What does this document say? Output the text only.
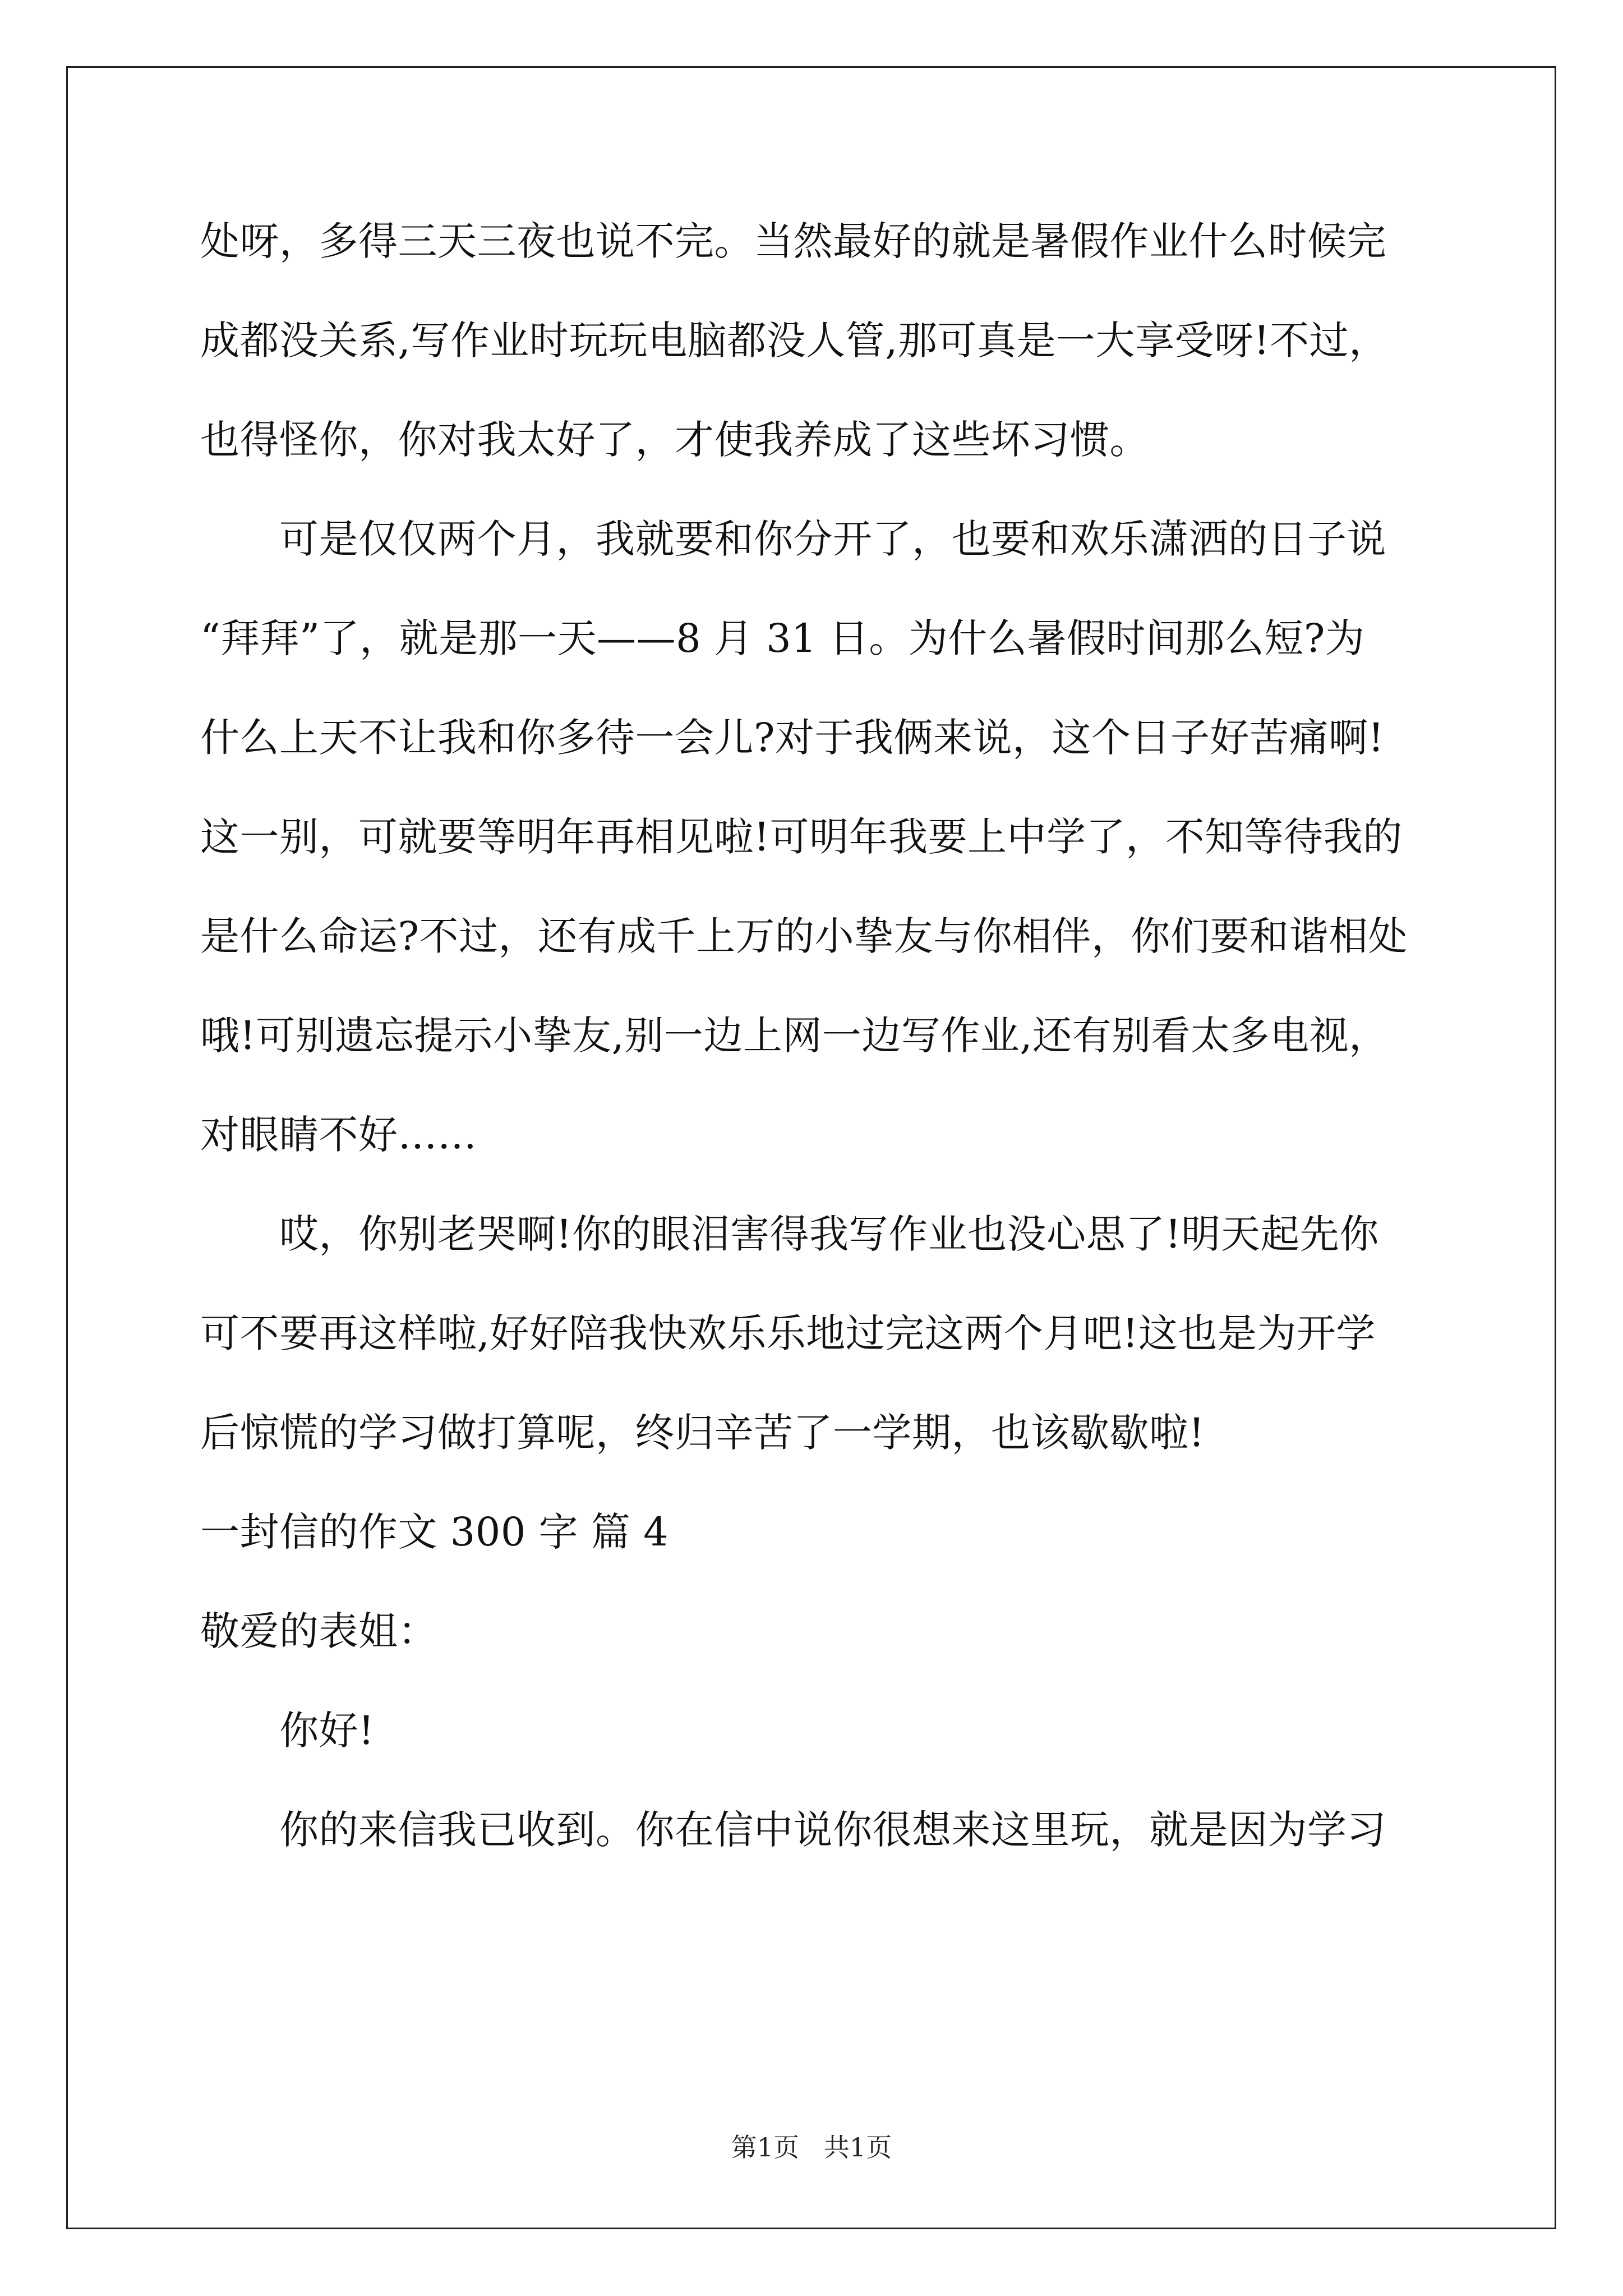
处呀，多得三天三夜也说不完。当然最好的就是暑假作业什么时候完
成都没关系,写作业时玩玩电脑都没人管,那可真是一大享受呀!不过，
也得怪你，你对我太好了，才使我养成了这些坏习惯。
　　可是仅仅两个月，我就要和你分开了，也要和欢乐潇洒的日子说
“拜拜”了，就是那一天——8 月 31 日。为什么暑假时间那么短?为
什么上天不让我和你多待一会儿?对于我俩来说，这个日子好苦痛啊!
这一别，可就要等明年再相见啦!可明年我要上中学了，不知等待我的
是什么命运?不过，还有成千上万的小挚友与你相伴，你们要和谐相处
哦!可别遗忘提示小挚友,别一边上网一边写作业,还有别看太多电视，
对眼睛不好……
　　哎，你别老哭啊!你的眼泪害得我写作业也没心思了!明天起先你
可不要再这样啦,好好陪我快欢乐乐地过完这两个月吧!这也是为开学
后惊慌的学习做打算呢，终归辛苦了一学期，也该歇歇啦!
一封信的作文 300 字 篇 4
敬爱的表姐：
　　你好!
　　你的来信我已收到。你在信中说你很想来这里玩，就是因为学习
第1页   共1页
